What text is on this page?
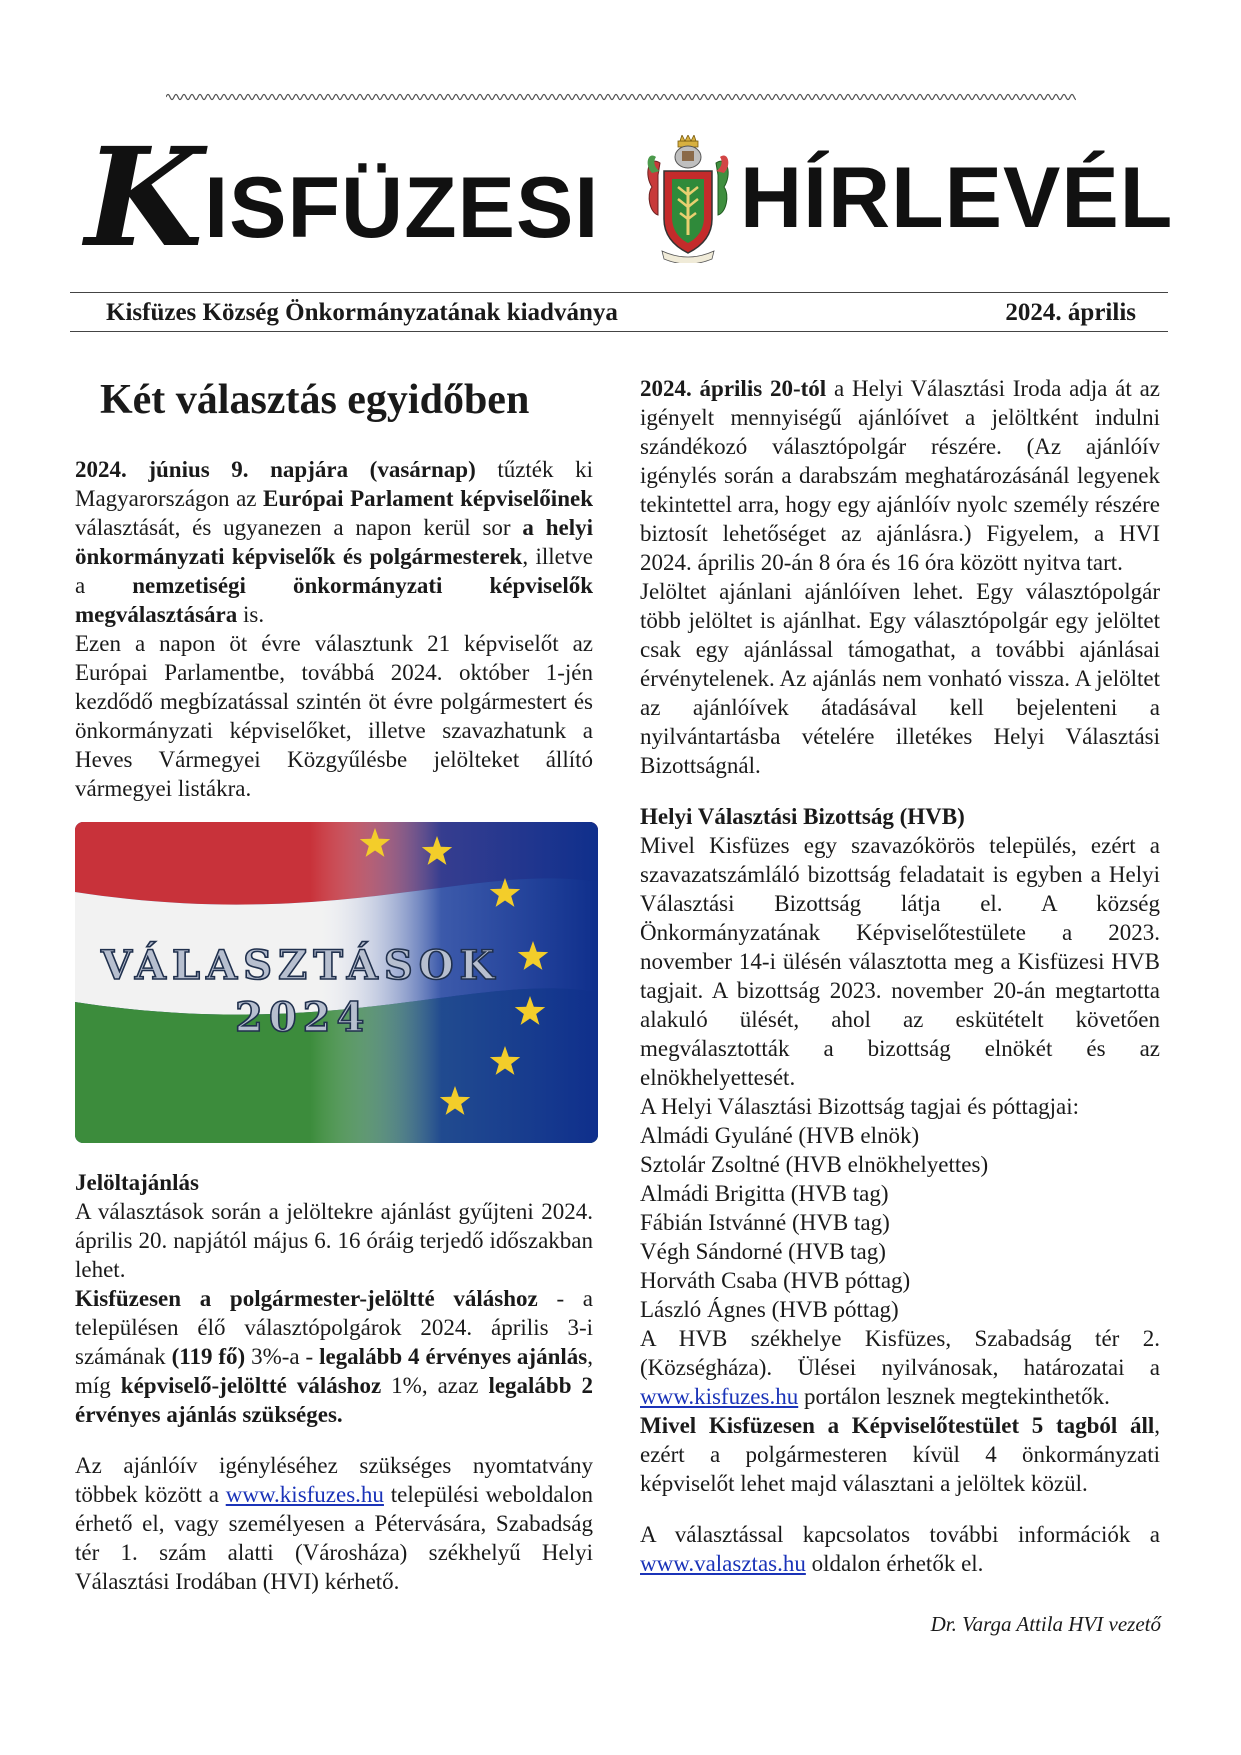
KISFÜZESI HÍRLEVÉL
Kisfüzes Község Önkormányzatának kiadványa	2024. április
Két választás egyidőben

2024. június 9. napjára (vasárnap) tűzték ki Magyarországon az Európai Parlament képviselőinek választását, és ugyanezen a napon kerül sor a helyi önkormányzati képviselők és polgármesterek, illetve a nemzetiségi önkormányzati képviselők megválasztására is.

Ezen a napon öt évre választunk 21 képviselőt az Európai Parlamentbe, továbbá 2024. október 1-jén kezdődő megbízatással szintén öt évre polgármestert és önkormányzati képviselőket, illetve szavazhatunk a Heves Vármegyei Közgyűlésbe jelölteket állító vármegyei listákra.

VÁLASZTÁSOK
2024

Jelöltajánlás

A választások során a jelöltekre ajánlást gyűjteni 2024. április 20. napjától május 6. 16 óráig terjedő időszakban lehet.

Kisfüzesen a polgármester-jelöltté váláshoz - a településen élő választópolgárok 2024. április 3-i számának (119 fő) 3%-a - legalább 4 érvényes ajánlás, míg képviselő-jelöltté váláshoz 1%, azaz legalább 2 érvényes ajánlás szükséges.

Az ajánlóív igényléséhez szükséges nyomtatvány többek között a www.kisfuzes.hu települési weboldalon érhető el, vagy személyesen a Pétervására, Szabadság tér 1. szám alatti (Városháza) székhelyű Helyi Választási Irodában (HVI) kérhető.

2024. április 20-tól a Helyi Választási Iroda adja át az igényelt mennyiségű ajánlóívet a jelöltként indulni szándékozó választópolgár részére. (Az ajánlóív igénylés során a darabszám meghatározásánál legyenek tekintettel arra, hogy egy ajánlóív nyolc személy részére biztosít lehetőséget az ajánlásra.) Figyelem, a HVI 2024. április 20-án 8 óra és 16 óra között nyitva tart.

Jelöltet ajánlani ajánlóíven lehet. Egy választópolgár több jelöltet is ajánlhat. Egy választópolgár egy jelöltet csak egy ajánlással támogathat, a további ajánlásai érvénytelenek. Az ajánlás nem vonható vissza. A jelöltet az ajánlóívek átadásával kell bejelenteni a nyilvántartásba vételére illetékes Helyi Választási Bizottságnál.

Helyi Választási Bizottság (HVB)

Mivel Kisfüzes egy szavazókörös település, ezért a szavazatszámláló bizottság feladatait is egyben a Helyi Választási Bizottság látja el. A község Önkormányzatának Képviselőtestülete a 2023. november 14-i ülésén választotta meg a Kisfüzesi HVB tagjait. A bizottság 2023. november 20-án megtartotta alakuló ülését, ahol az eskütételt követően megválasztották a bizottság elnökét és az elnökhelyettesét.

A Helyi Választási Bizottság tagjai és póttagjai:

Almádi Gyuláné (HVB elnök)

Sztolár Zsoltné (HVB elnökhelyettes)

Almádi Brigitta (HVB tag)

Fábián Istvánné (HVB tag)

Végh Sándorné (HVB tag)

Horváth Csaba (HVB póttag)

László Ágnes (HVB póttag)

A HVB székhelye Kisfüzes, Szabadság tér 2. (Községháza). Ülései nyilvánosak, határozatai a www.kisfuzes.hu portálon lesznek megtekinthetők.

Mivel Kisfüzesen a Képviselőtestület 5 tagból áll, ezért a polgármesteren kívül 4 önkormányzati képviselőt lehet majd választani a jelöltek közül.

A választással kapcsolatos további információk a www.valasztas.hu oldalon érhetők el.

Dr. Varga Attila HVI vezető
